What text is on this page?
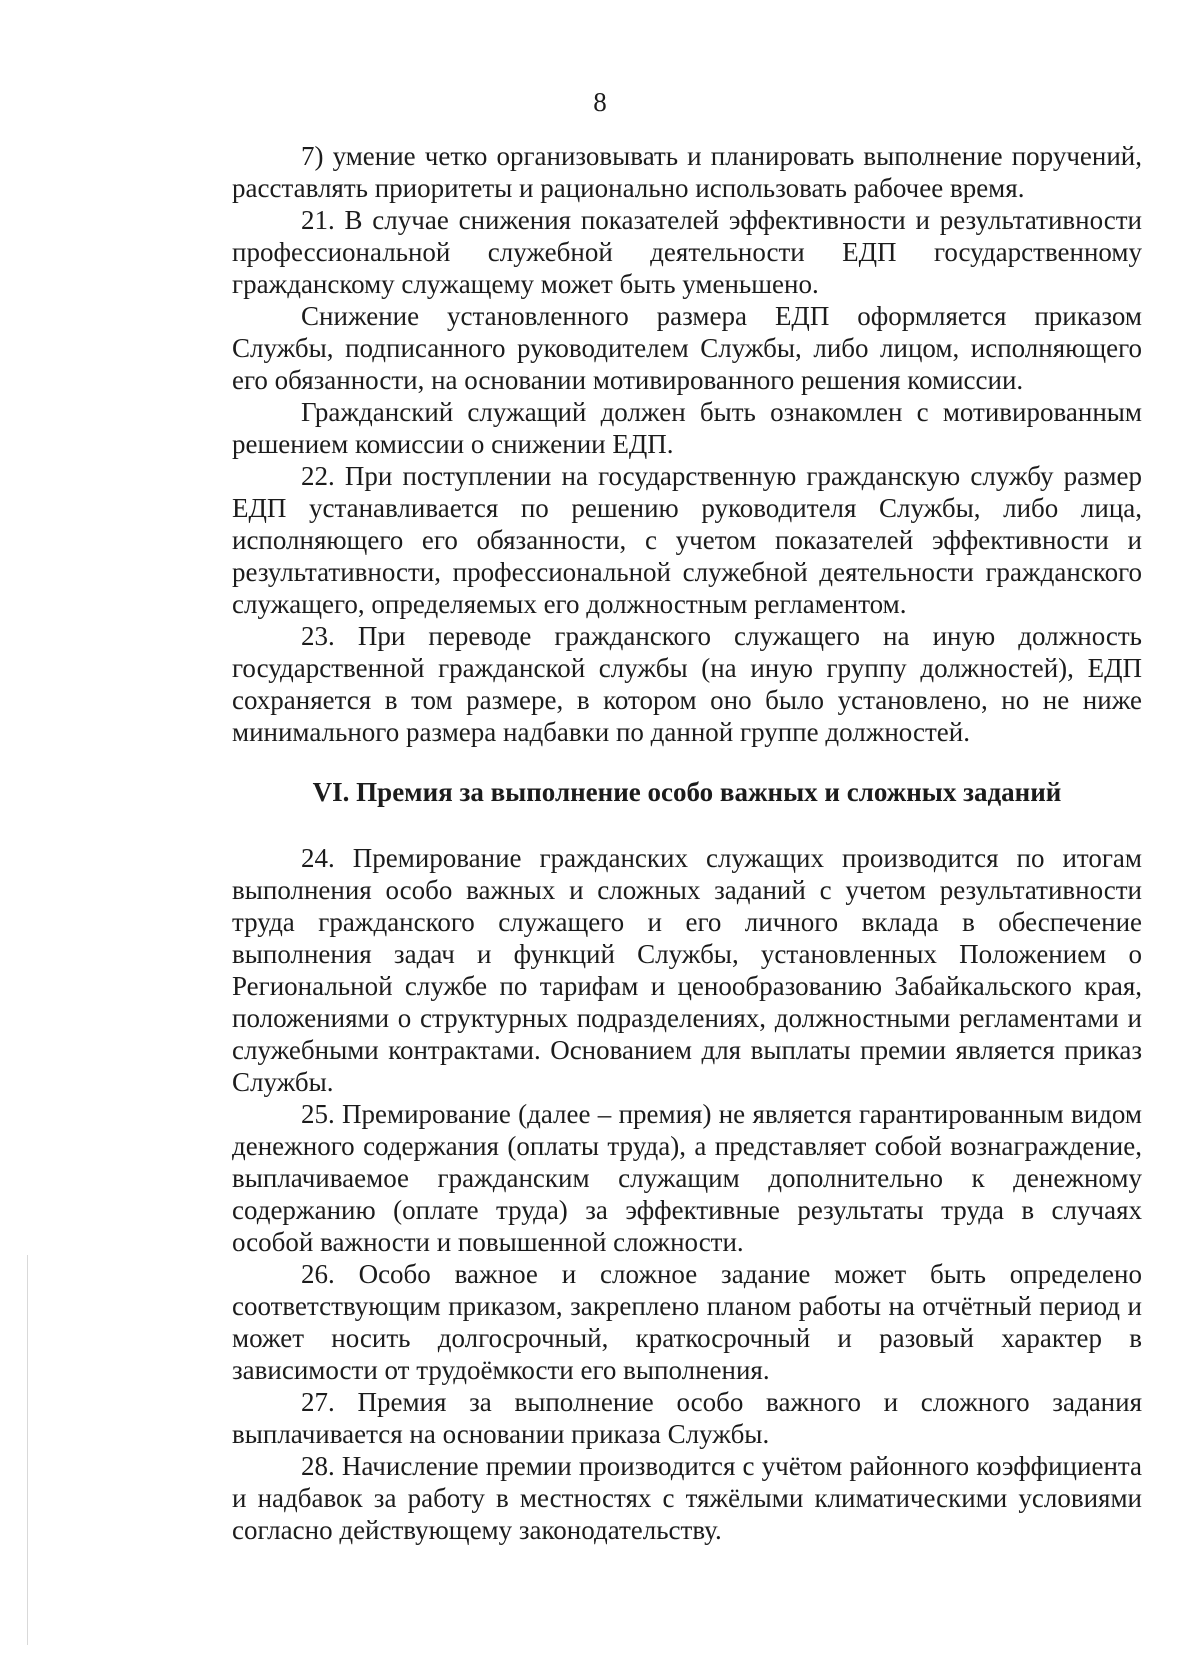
8

7) умение четко организовывать и планировать выполнение поручений, расставлять приоритеты и рационально использовать рабочее время.

21. В случае снижения показателей эффективности и результативности профессиональной служебной деятельности ЕДП государственному гражданскому служащему может быть уменьшено.

Снижение установленного размера ЕДП оформляется приказом Службы, подписанного руководителем Службы, либо лицом, исполняющего его обязанности, на основании мотивированного решения комиссии.

Гражданский служащий должен быть ознакомлен с мотивированным решением комиссии о снижении ЕДП.

22. При поступлении на государственную гражданскую службу размер ЕДП устанавливается по решению руководителя Службы, либо лица, исполняющего его обязанности, с учетом показателей эффективности и результативности, профессиональной служебной деятельности гражданского служащего, определяемых его должностным регламентом.

23. При переводе гражданского служащего на иную должность государственной гражданской службы (на иную группу должностей), ЕДП сохраняется в том размере, в котором оно было установлено, но не ниже минимального размера надбавки по данной группе должностей.

VI. Премия за выполнение особо важных и сложных заданий

24. Премирование гражданских служащих производится по итогам выполнения особо важных и сложных заданий с учетом результативности труда гражданского служащего и его личного вклада в обеспечение выполнения задач и функций Службы, установленных Положением о Региональной службе по тарифам и ценообразованию Забайкальского края, положениями о структурных подразделениях, должностными регламентами и служебными контрактами. Основанием для выплаты премии является приказ Службы.

25. Премирование (далее – премия) не является гарантированным видом денежного содержания (оплаты труда), а представляет собой вознаграждение, выплачиваемое гражданским служащим дополнительно к денежному содержанию (оплате труда) за эффективные результаты труда в случаях особой важности и повышенной сложности.

26. Особо важное и сложное задание может быть определено соответствующим приказом, закреплено планом работы на отчётный период и может носить долгосрочный, краткосрочный и разовый характер в зависимости от трудоёмкости его выполнения.

27. Премия за выполнение особо важного и сложного задания выплачивается на основании приказа Службы.

28. Начисление премии производится с учётом районного коэффициента и надбавок за работу в местностях с тяжёлыми климатическими условиями согласно действующему законодательству.
